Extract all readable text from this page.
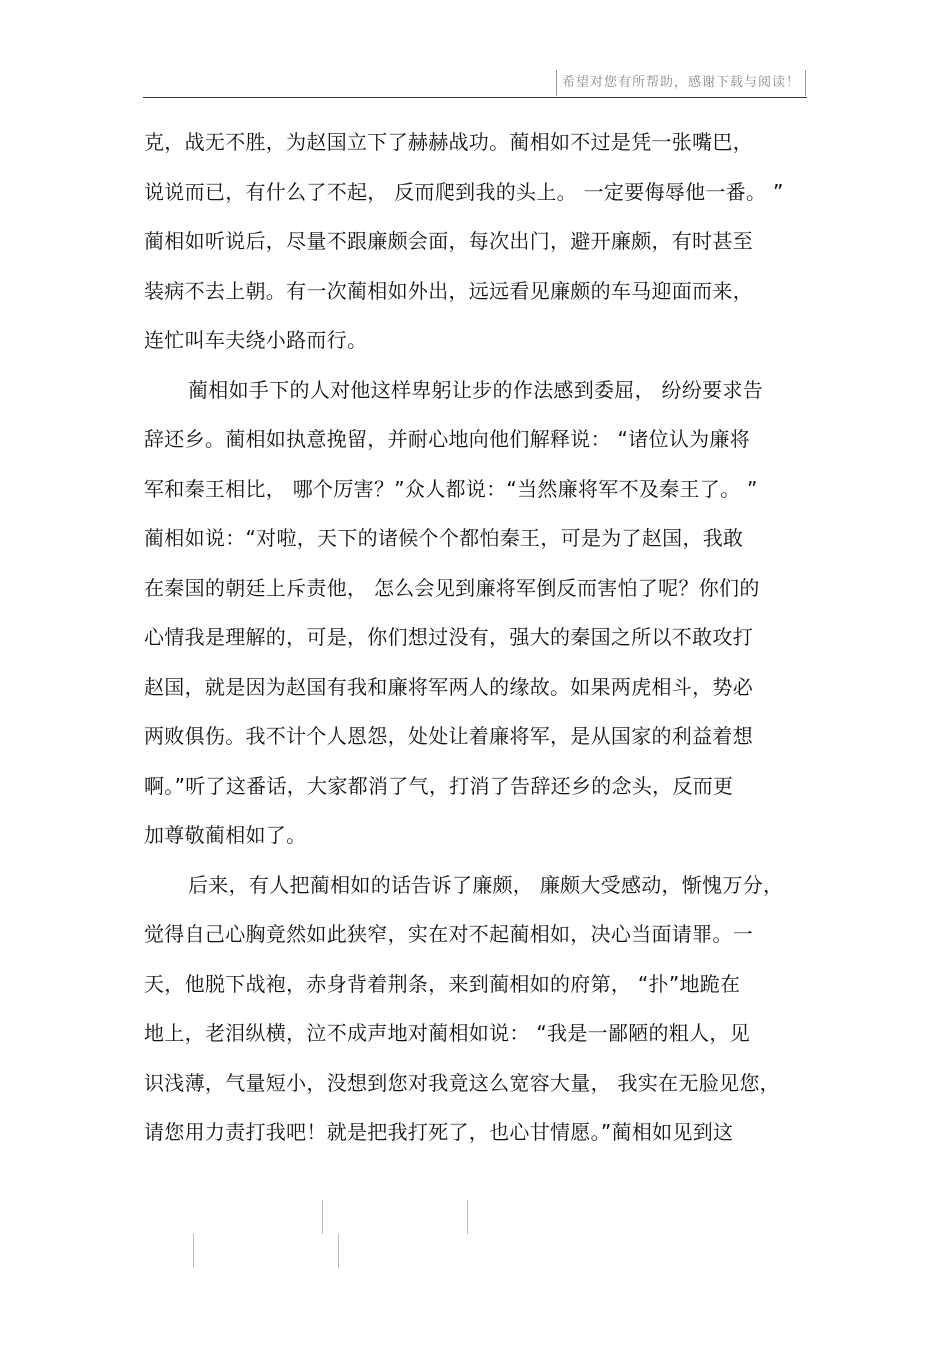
希望对您有所帮助，感谢下载与阅读！
克，战无不胜，为赵国立下了赫赫战功。蔺相如不过是凭一张嘴巴，
说说而已，有什么了不起， 反而爬到我的头上。 一定要侮辱他一番。 ”
蔺相如听说后，尽量不跟廉颇会面，每次出门，避开廉颇，有时甚至
装病不去上朝。有一次蔺相如外出，远远看见廉颇的车马迎面而来，
连忙叫车夫绕小路而行。
蔺相如手下的人对他这样卑躬让步的作法感到委屈， 纷纷要求告
辞还乡。蔺相如执意挽留，并耐心地向他们解释说： “诸位认为廉将
军和秦王相比， 哪个厉害？”众人都说：“当然廉将军不及秦王了。 ”
蔺相如说：“对啦，天下的诸候个个都怕秦王，可是为了赵国，我敢
在秦国的朝廷上斥责他， 怎么会见到廉将军倒反而害怕了呢？你们的
心情我是理解的，可是，你们想过没有，强大的秦国之所以不敢攻打
赵国，就是因为赵国有我和廉将军两人的缘故。如果两虎相斗，势必
两败俱伤。我不计个人恩怨，处处让着廉将军，是从国家的利益着想
啊。”听了这番话，大家都消了气，打消了告辞还乡的念头，反而更
加尊敬蔺相如了。
后来，有人把蔺相如的话告诉了廉颇， 廉颇大受感动，惭愧万分，
觉得自己心胸竟然如此狭窄，实在对不起蔺相如，决心当面请罪。一
天，他脱下战袍，赤身背着荆条，来到蔺相如的府第， “扑”地跪在
地上，老泪纵横，泣不成声地对蔺相如说： “我是一鄙陋的粗人，见
识浅薄，气量短小，没想到您对我竟这么宽容大量， 我实在无脸见您，
请您用力责打我吧！就是把我打死了，也心甘情愿。”蔺相如见到这
